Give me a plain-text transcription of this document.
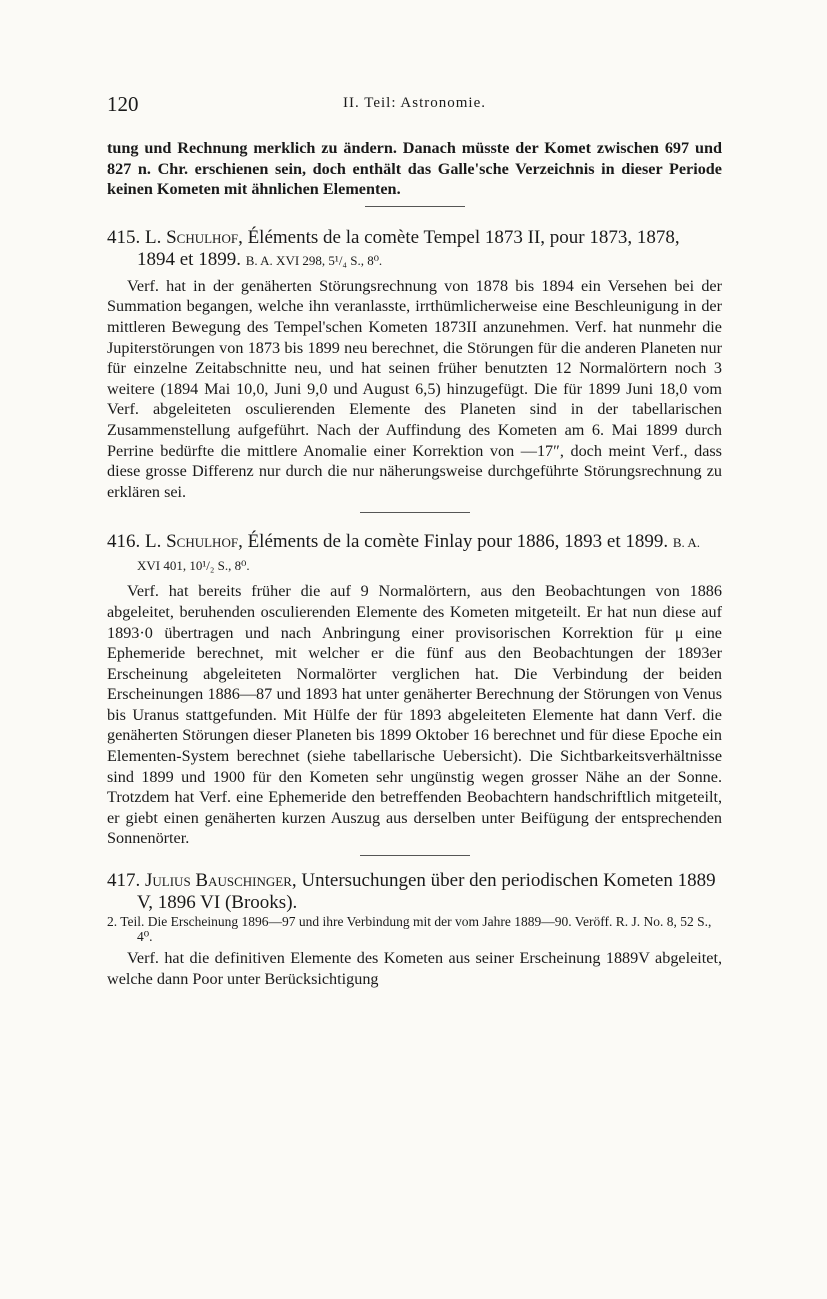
120	II. Teil: Astronomie.

tung und Rechnung merklich zu ändern. Danach müsste der Komet zwischen 697 und 827 n. Chr. erschienen sein, doch enthält das Galle'sche Verzeichnis in dieser Periode keinen Kometen mit ähnlichen Elementen.

415. L. Schulhof, Éléments de la comète Tempel 1873 II, pour 1873, 1878, 1894 et 1899. B. A. XVI 298, 5¹/₄ S., 8⁰.

Verf. hat in der genäherten Störungsrechnung von 1878 bis 1894 ein Versehen bei der Summation begangen, welche ihn veranlasste, irrthümlicherweise eine Beschleunigung in der mittleren Bewegung des Tempel'schen Kometen 1873II anzunehmen. Verf. hat nunmehr die Jupiterstörungen von 1873 bis 1899 neu berechnet, die Störungen für die anderen Planeten nur für einzelne Zeitabschnitte neu, und hat seinen früher benutzten 12 Normalörtern noch 3 weitere (1894 Mai 10,0, Juni 9,0 und August 6,5) hinzugefügt. Die für 1899 Juni 18,0 vom Verf. abgeleiteten osculierenden Elemente des Planeten sind in der tabellarischen Zusammenstellung aufgeführt. Nach der Auffindung des Kometen am 6. Mai 1899 durch Perrine bedürfte die mittlere Anomalie einer Korrektion von —17″, doch meint Verf., dass diese grosse Differenz nur durch die nur näherungsweise durchgeführte Störungsrechnung zu erklären sei.

416. L. Schulhof, Éléments de la comète Finlay pour 1886, 1893 et 1899. B. A. XVI 401, 10¹/₂ S., 8⁰.

Verf. hat bereits früher die auf 9 Normalörtern, aus den Beobachtungen von 1886 abgeleitet, beruhenden osculierenden Elemente des Kometen mitgeteilt. Er hat nun diese auf 1893·0 übertragen und nach Anbringung einer provisorischen Korrektion für μ eine Ephemeride berechnet, mit welcher er die fünf aus den Beobachtungen der 1893er Erscheinung abgeleiteten Normalörter verglichen hat. Die Verbindung der beiden Erscheinungen 1886—87 und 1893 hat unter genäherter Berechnung der Störungen von Venus bis Uranus stattgefunden. Mit Hülfe der für 1893 abgeleiteten Elemente hat dann Verf. die genäherten Störungen dieser Planeten bis 1899 Oktober 16 berechnet und für diese Epoche ein Elementen-System berechnet (siehe tabellarische Uebersicht). Die Sichtbarkeitsverhältnisse sind 1899 und 1900 für den Kometen sehr ungünstig wegen grosser Nähe an der Sonne. Trotzdem hat Verf. eine Ephemeride den betreffenden Beobachtern handschriftlich mitgeteilt, er giebt einen genäherten kurzen Auszug aus derselben unter Beifügung der entsprechenden Sonnenörter.

417. Julius Bauschinger, Untersuchungen über den periodischen Kometen 1889 V, 1896 VI (Brooks).
2. Teil. Die Erscheinung 1896—97 und ihre Verbindung mit der vom Jahre 1889—90. Veröff. R. J. No. 8, 52 S., 4⁰.

Verf. hat die definitiven Elemente des Kometen aus seiner Erscheinung 1889V abgeleitet, welche dann Poor unter Berücksichtigung
